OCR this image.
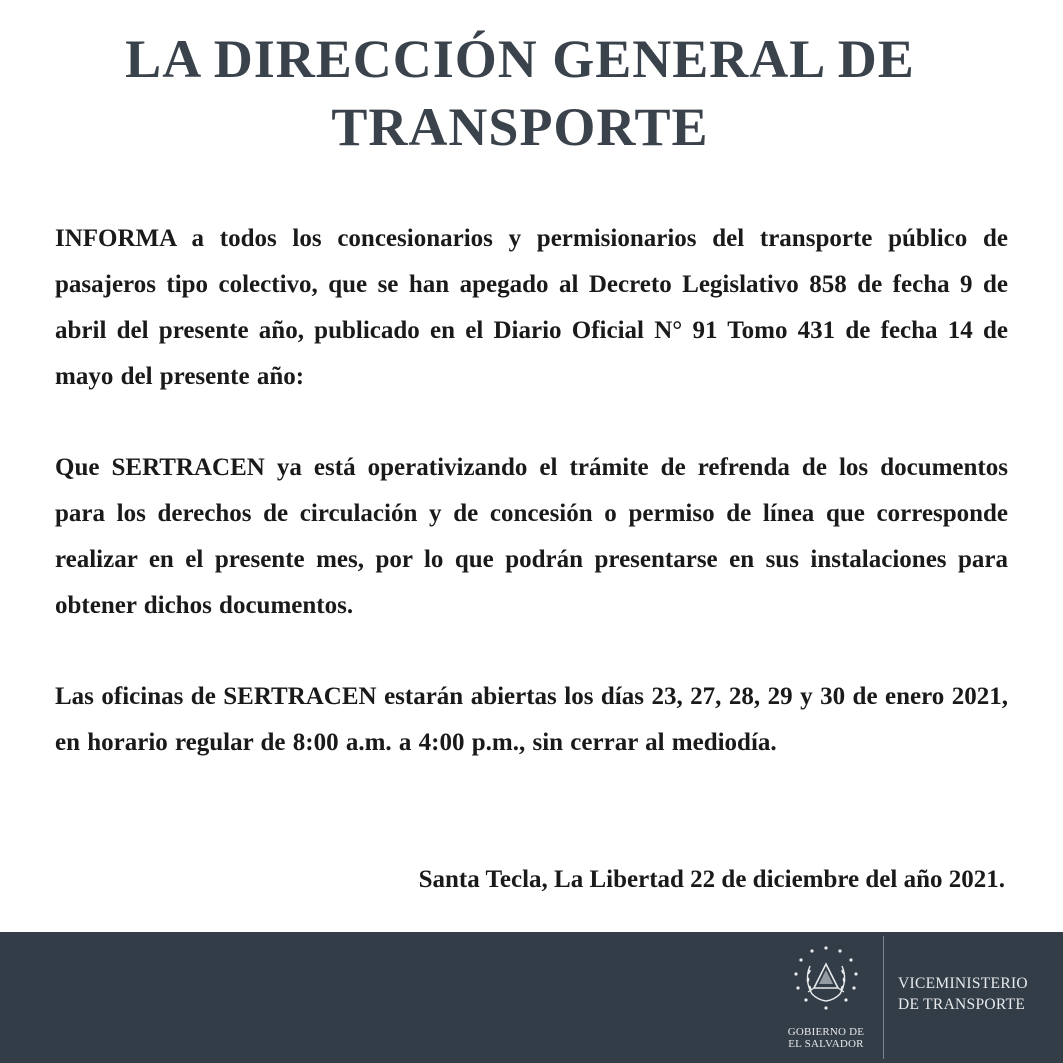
LA DIRECCIÓN GENERAL DE
TRANSPORTE

INFORMA a todos los concesionarios y permisionarios del transporte público de pasajeros tipo colectivo, que se han apegado al Decreto Legislativo 858 de fecha 9 de abril del presente año, publicado en el Diario Oficial N° 91 Tomo 431 de fecha 14 de mayo del presente año:

Que SERTRACEN ya está operativizando el trámite de refrenda de los documentos para los derechos de circulación y de concesión o permiso de línea que corresponde realizar en el presente mes, por lo que podrán presentarse en sus instalaciones para obtener dichos documentos.

Las oficinas de SERTRACEN estarán abiertas los días 23, 27, 28, 29 y 30 de enero 2021, en horario regular de 8:00 a.m. a 4:00 p.m., sin cerrar al mediodía.

Santa Tecla, La Libertad 22 de diciembre del año 2021.

GOBIERNO DE
EL SALVADOR
VICEMINISTERIO
DE TRANSPORTE
